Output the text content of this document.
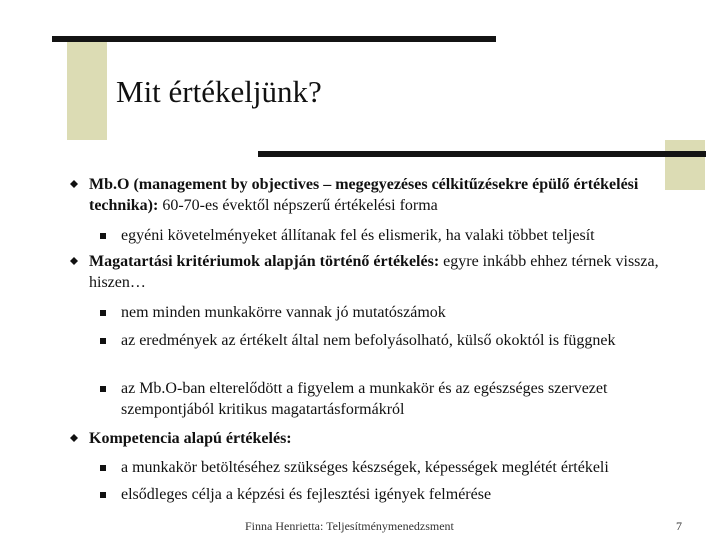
Mit értékeljünk?
Mb.O (management by objectives – megegyezéses célkitűzésekre épülő értékelési technika): 60-70-es évektől népszerű értékelési forma
egyéni követelményeket állítanak fel és elismerik, ha valaki többet teljesít
Magatartási kritériumok alapján történő értékelés: egyre inkább ehhez térnek vissza, hiszen…
nem minden munkakörre vannak jó mutatószámok
az eredmények az értékelt által nem befolyásolható, külső okoktól is függnek
az Mb.O-ban elterelődött a figyelem a munkakör és az egészséges szervezet szempontjából kritikus magatartásformákról
Kompetencia alapú értékelés:
a munkakör betöltéséhez szükséges készségek, képességek meglétét értékeli
elsődleges célja a képzési és fejlesztési igények felmérése
Finna Henrietta: Teljesítménymenedzsment	7
